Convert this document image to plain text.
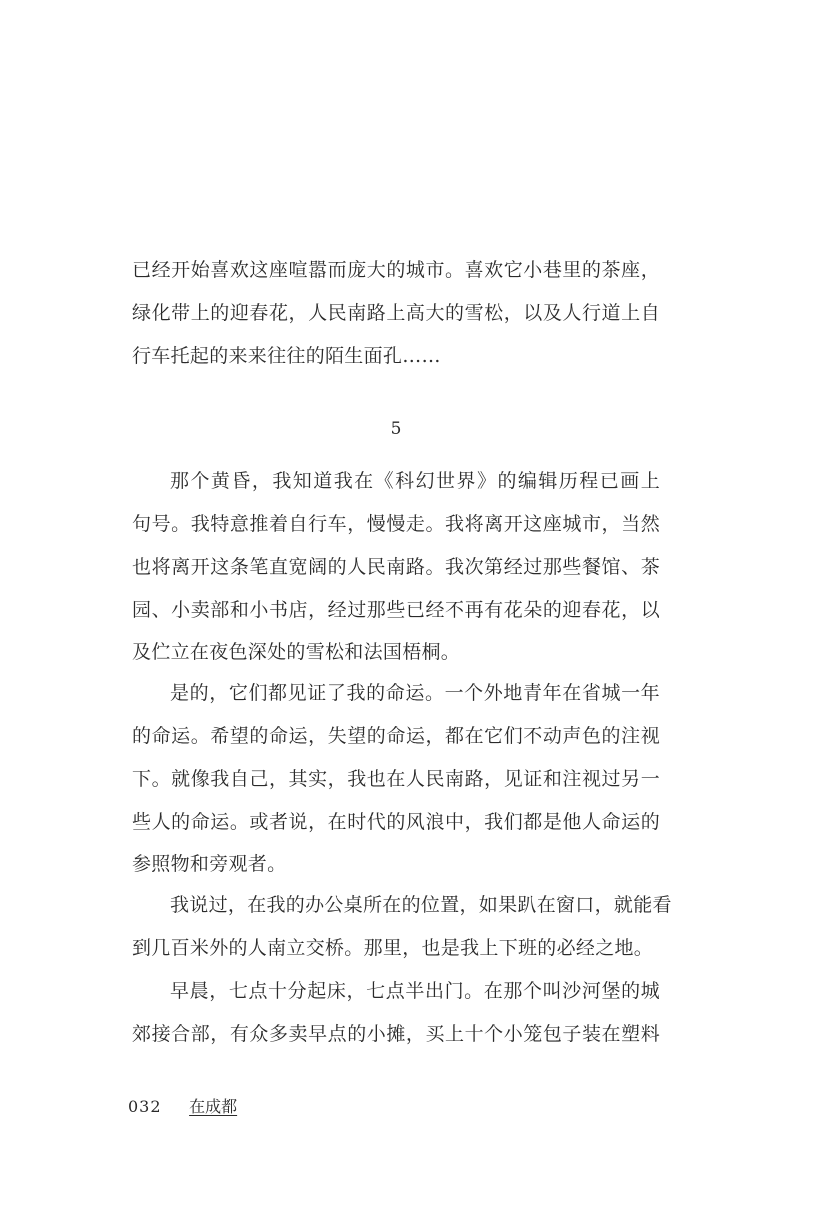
已经开始喜欢这座喧嚣而庞大的城市。喜欢它小巷里的茶座，
绿化带上的迎春花，人民南路上高大的雪松，以及人行道上自
行车托起的来来往往的陌生面孔……
5
那个黄昏，我知道我在《科幻世界》的编辑历程已画上
句号。我特意推着自行车，慢慢走。我将离开这座城市，当然
也将离开这条笔直宽阔的人民南路。我次第经过那些餐馆、茶
园、小卖部和小书店，经过那些已经不再有花朵的迎春花，以
及伫立在夜色深处的雪松和法国梧桐。
是的，它们都见证了我的命运。一个外地青年在省城一年
的命运。希望的命运，失望的命运，都在它们不动声色的注视
下。就像我自己，其实，我也在人民南路，见证和注视过另一
些人的命运。或者说，在时代的风浪中，我们都是他人命运的
参照物和旁观者。
我说过，在我的办公桌所在的位置，如果趴在窗口，就能看
到几百米外的人南立交桥。那里，也是我上下班的必经之地。
早晨，七点十分起床，七点半出门。在那个叫沙河堡的城
郊接合部，有众多卖早点的小摊，买上十个小笼包子装在塑料
032 在成都
